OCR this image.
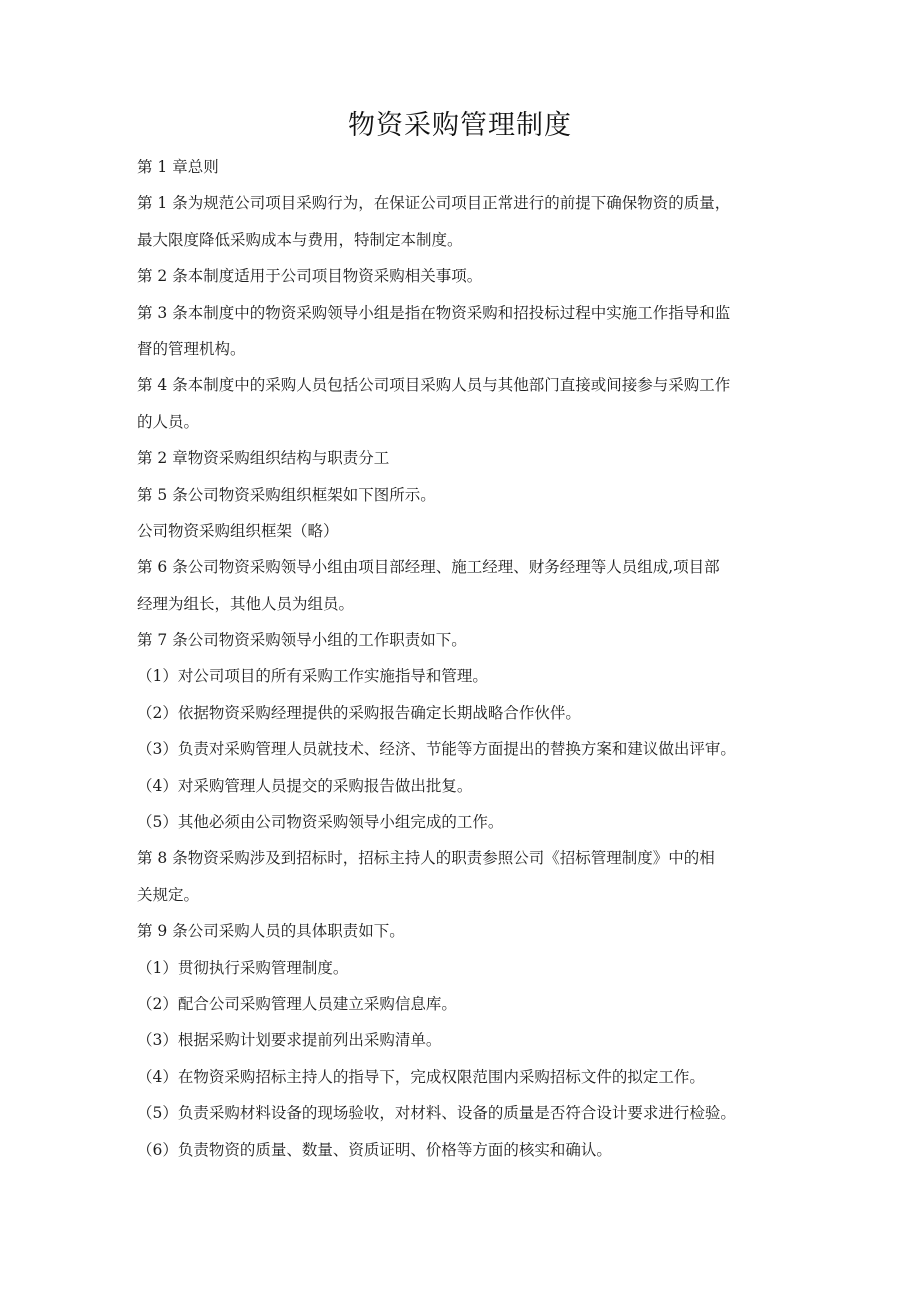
物资采购管理制度
第 1 章总则
第 1 条为规范公司项目采购行为，在保证公司项目正常进行的前提下确保物资的质量，
最大限度降低采购成本与费用，特制定本制度。
第 2 条本制度适用于公司项目物资采购相关事项。
第 3 条本制度中的物资采购领导小组是指在物资采购和招投标过程中实施工作指导和监
督的管理机构。
第 4 条本制度中的采购人员包括公司项目采购人员与其他部门直接或间接参与采购工作
的人员。
第 2 章物资采购组织结构与职责分工
第 5 条公司物资采购组织框架如下图所示。
公司物资采购组织框架（略）
第 6 条公司物资采购领导小组由项目部经理、施工经理、财务经理等人员组成,项目部
经理为组长，其他人员为组员。
第 7 条公司物资采购领导小组的工作职责如下。
（1）对公司项目的所有采购工作实施指导和管理。
（2）依据物资采购经理提供的采购报告确定长期战略合作伙伴。
（3）负责对采购管理人员就技术、经济、节能等方面提出的替换方案和建议做出评审。
（4）对采购管理人员提交的采购报告做出批复。
（5）其他必须由公司物资采购领导小组完成的工作。
第 8 条物资采购涉及到招标时，招标主持人的职责参照公司《招标管理制度》中的相
关规定。
第 9 条公司采购人员的具体职责如下。
（1）贯彻执行采购管理制度。
（2）配合公司采购管理人员建立采购信息库。
（3）根据采购计划要求提前列出采购清单。
（4）在物资采购招标主持人的指导下，完成权限范围内采购招标文件的拟定工作。
（5）负责采购材料设备的现场验收，对材料、设备的质量是否符合设计要求进行检验。
（6）负责物资的质量、数量、资质证明、价格等方面的核实和确认。
